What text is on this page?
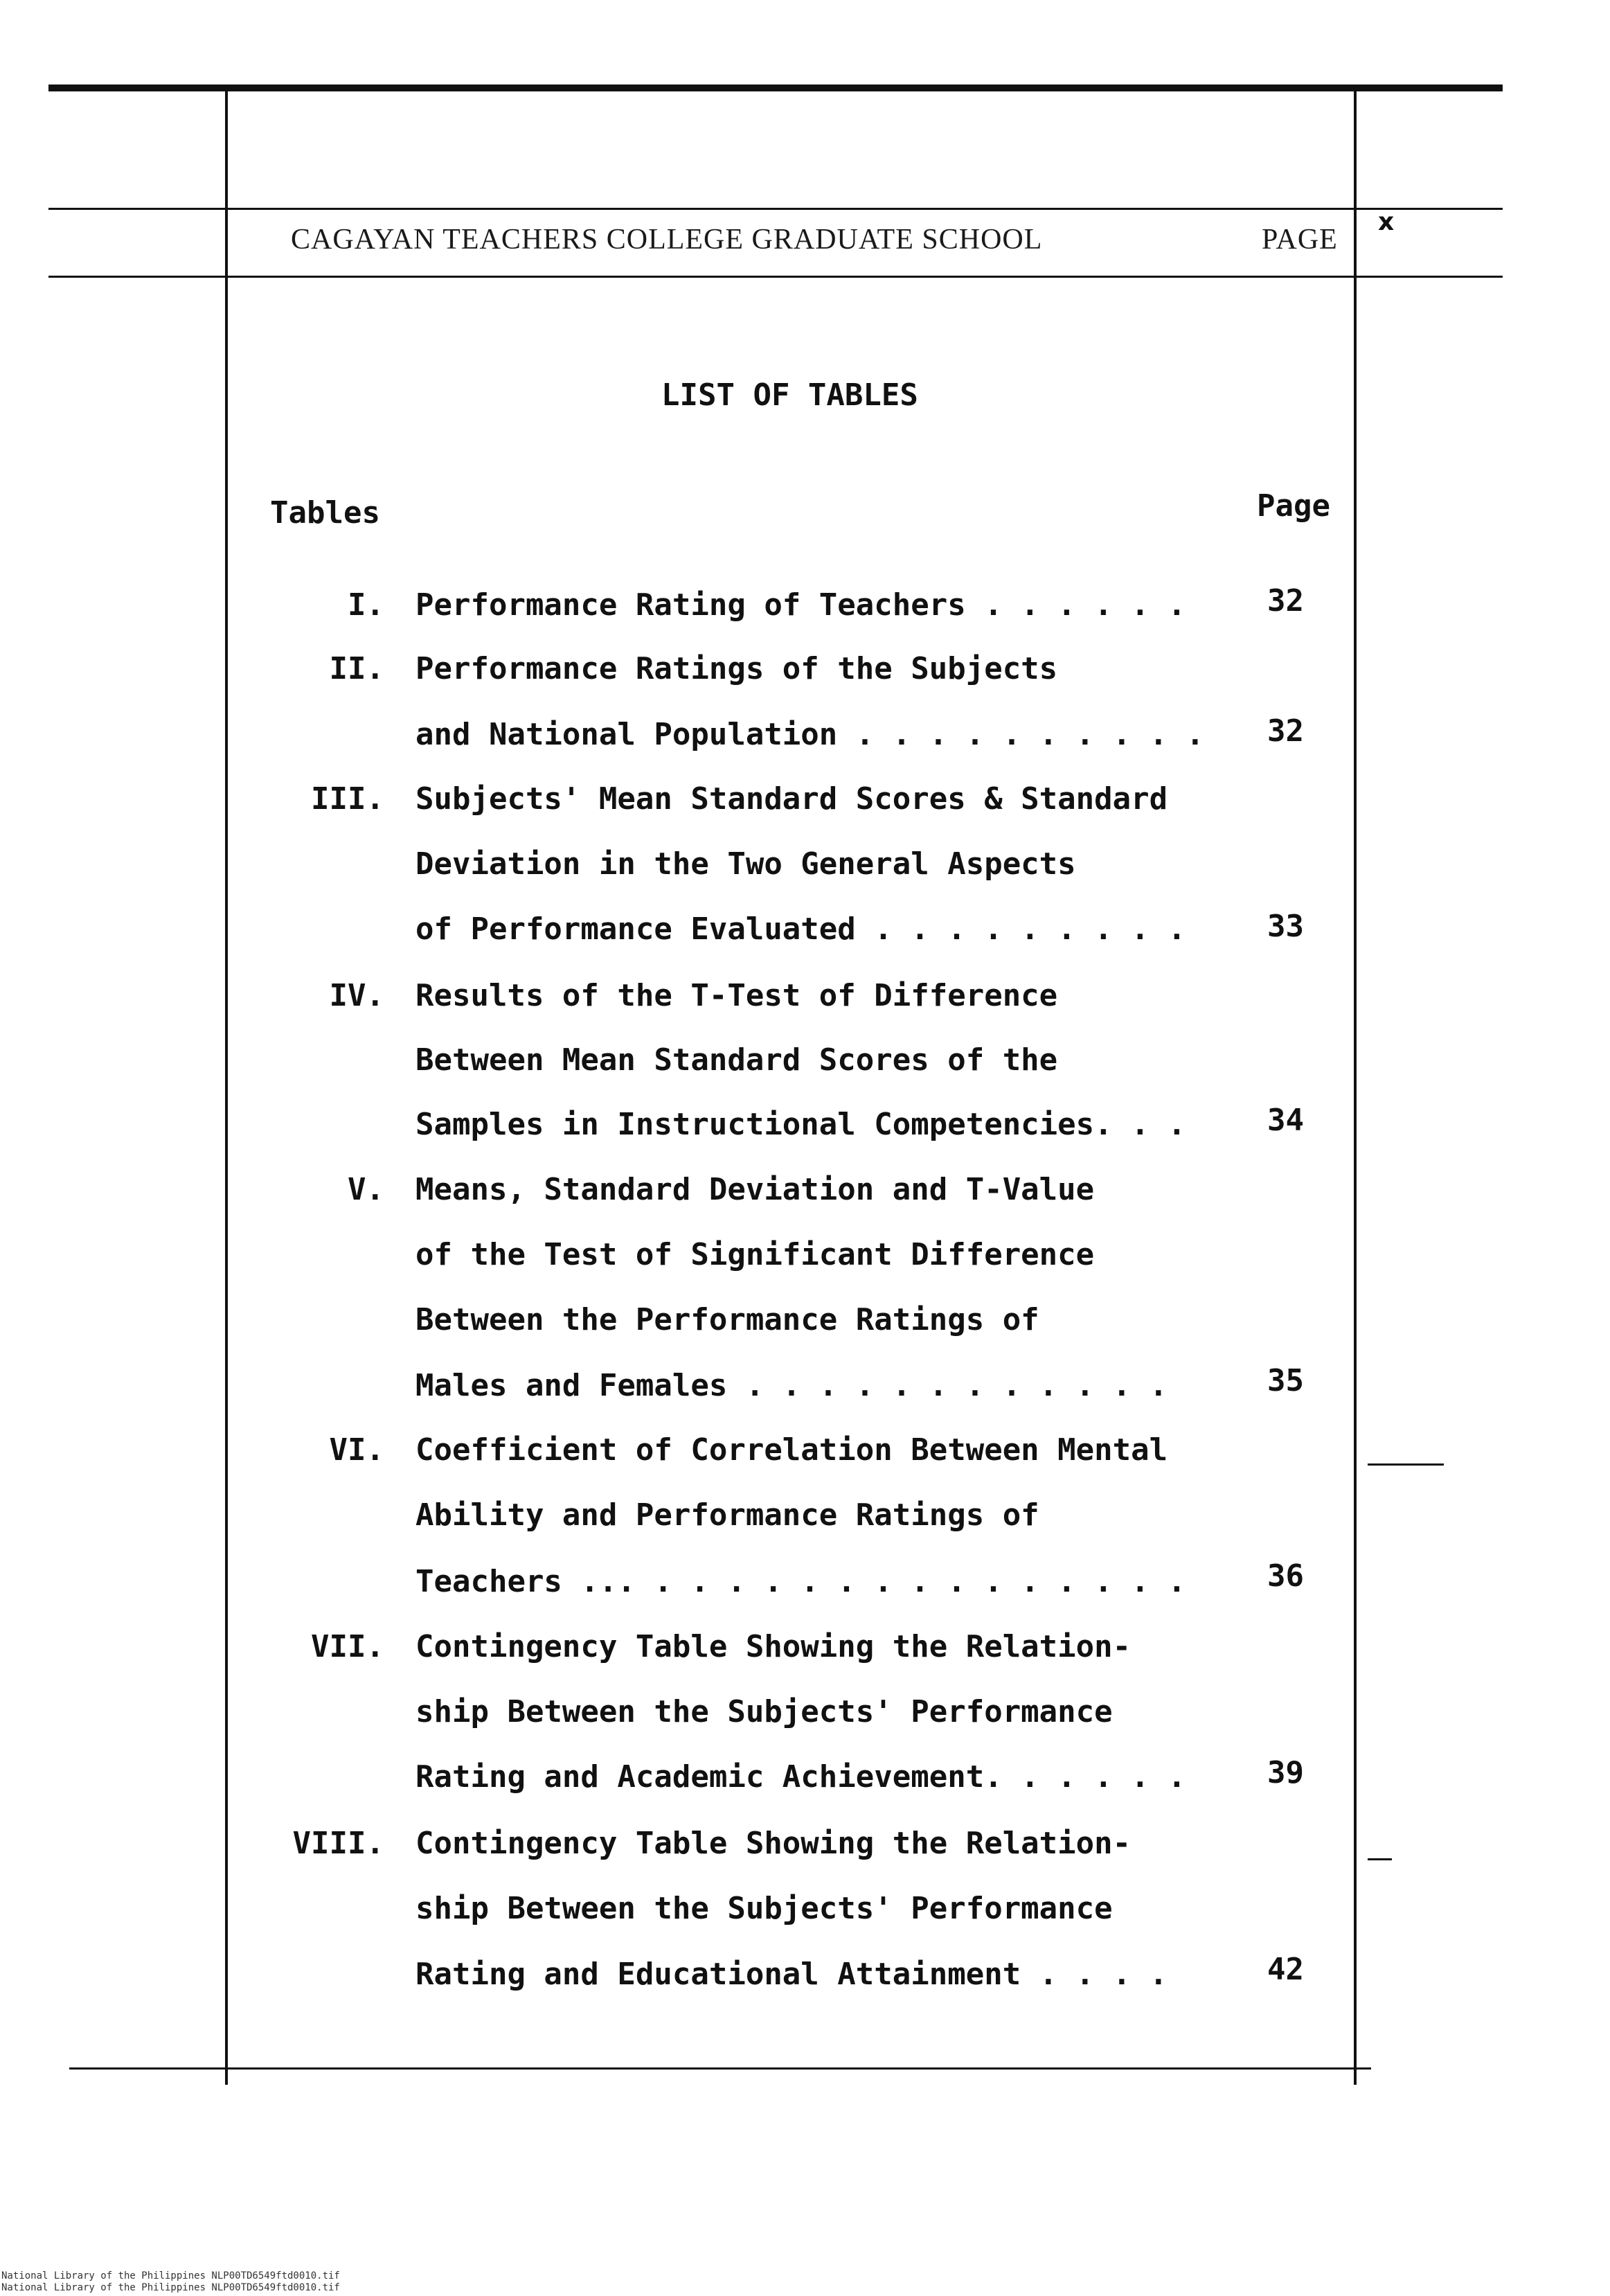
CAGAYAN TEACHERS COLLEGE GRADUATE SCHOOL	PAGE
x
LIST OF TABLES
Tables	Page
I. Performance Rating of Teachers . . . . . .	32
II. Performance Ratings of the Subjects
and National Population . . . . . . . . . . 32
III. Subjects' Mean Standard Scores & Standard
Deviation in the Two General Aspects
of Performance Evaluated . . . . . . . . .	33
IV. Results of the T-Test of Difference
Between Mean Standard Scores of the
Samples in Instructional Competencies. . .	34
V. Means, Standard Deviation and T-Value
of the Test of Significant Difference
Between the Performance Ratings of
Males and Females . . . . . . . . . . . .	35
VI. Coefficient of Correlation Between Mental
Ability and Performance Ratings of
Teachers ... . . . . . . . . . . . . . . .	36
VII. Contingency Table Showing the Relation-
ship Between the Subjects' Performance
Rating and Academic Achievement. . . . . .	39
VIII. Contingency Table Showing the Relation-
ship Between the Subjects' Performance
Rating and Educational Attainment . . . .	42
National Library of the Philippines NLP00TD6549ftd0010.tif
National Library of the Philippines NLP00TD6549ftd0010.tif
